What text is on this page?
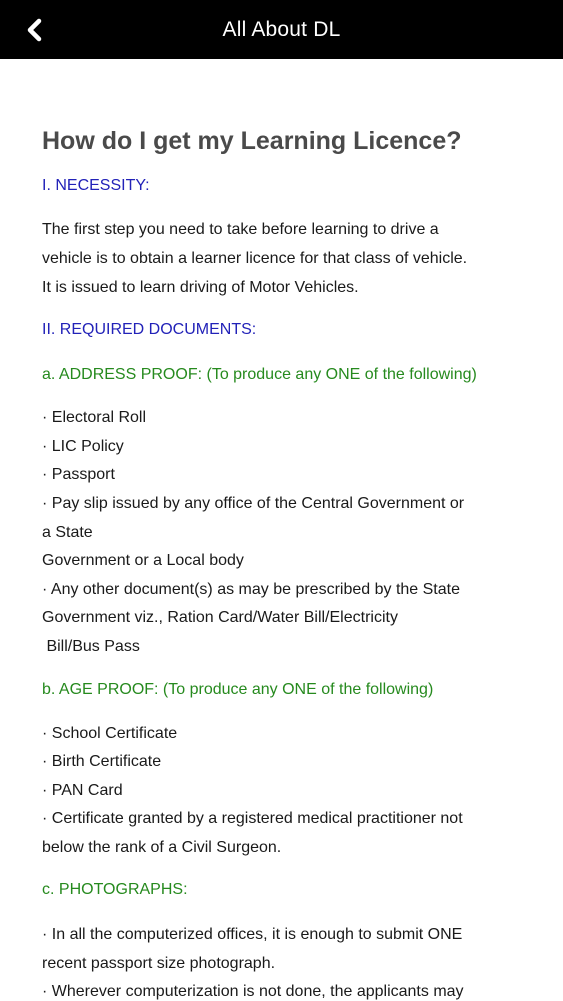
All About DL
How do I get my Learning Licence?

I. NECESSITY:

The first step you need to take before learning to drive a

vehicle is to obtain a learner licence for that class of vehicle.

It is issued to learn driving of Motor Vehicles.

II. REQUIRED DOCUMENTS:

a. ADDRESS PROOF: (To produce any ONE of the following)

· Electoral Roll

· LIC Policy

· Passport

· Pay slip issued by any office of the Central Government or

a State

Government or a Local body

· Any other document(s) as may be prescribed by the State

Government viz., Ration Card/Water Bill/Electricity

Bill/Bus Pass

b. AGE PROOF: (To produce any ONE of the following)

· School Certificate

· Birth Certificate

· PAN Card

· Certificate granted by a registered medical practitioner not

below the rank of a Civil Surgeon.

c. PHOTOGRAPHS:

· In all the computerized offices, it is enough to submit ONE

recent passport size photograph.

· Wherever computerization is not done, the applicants may
